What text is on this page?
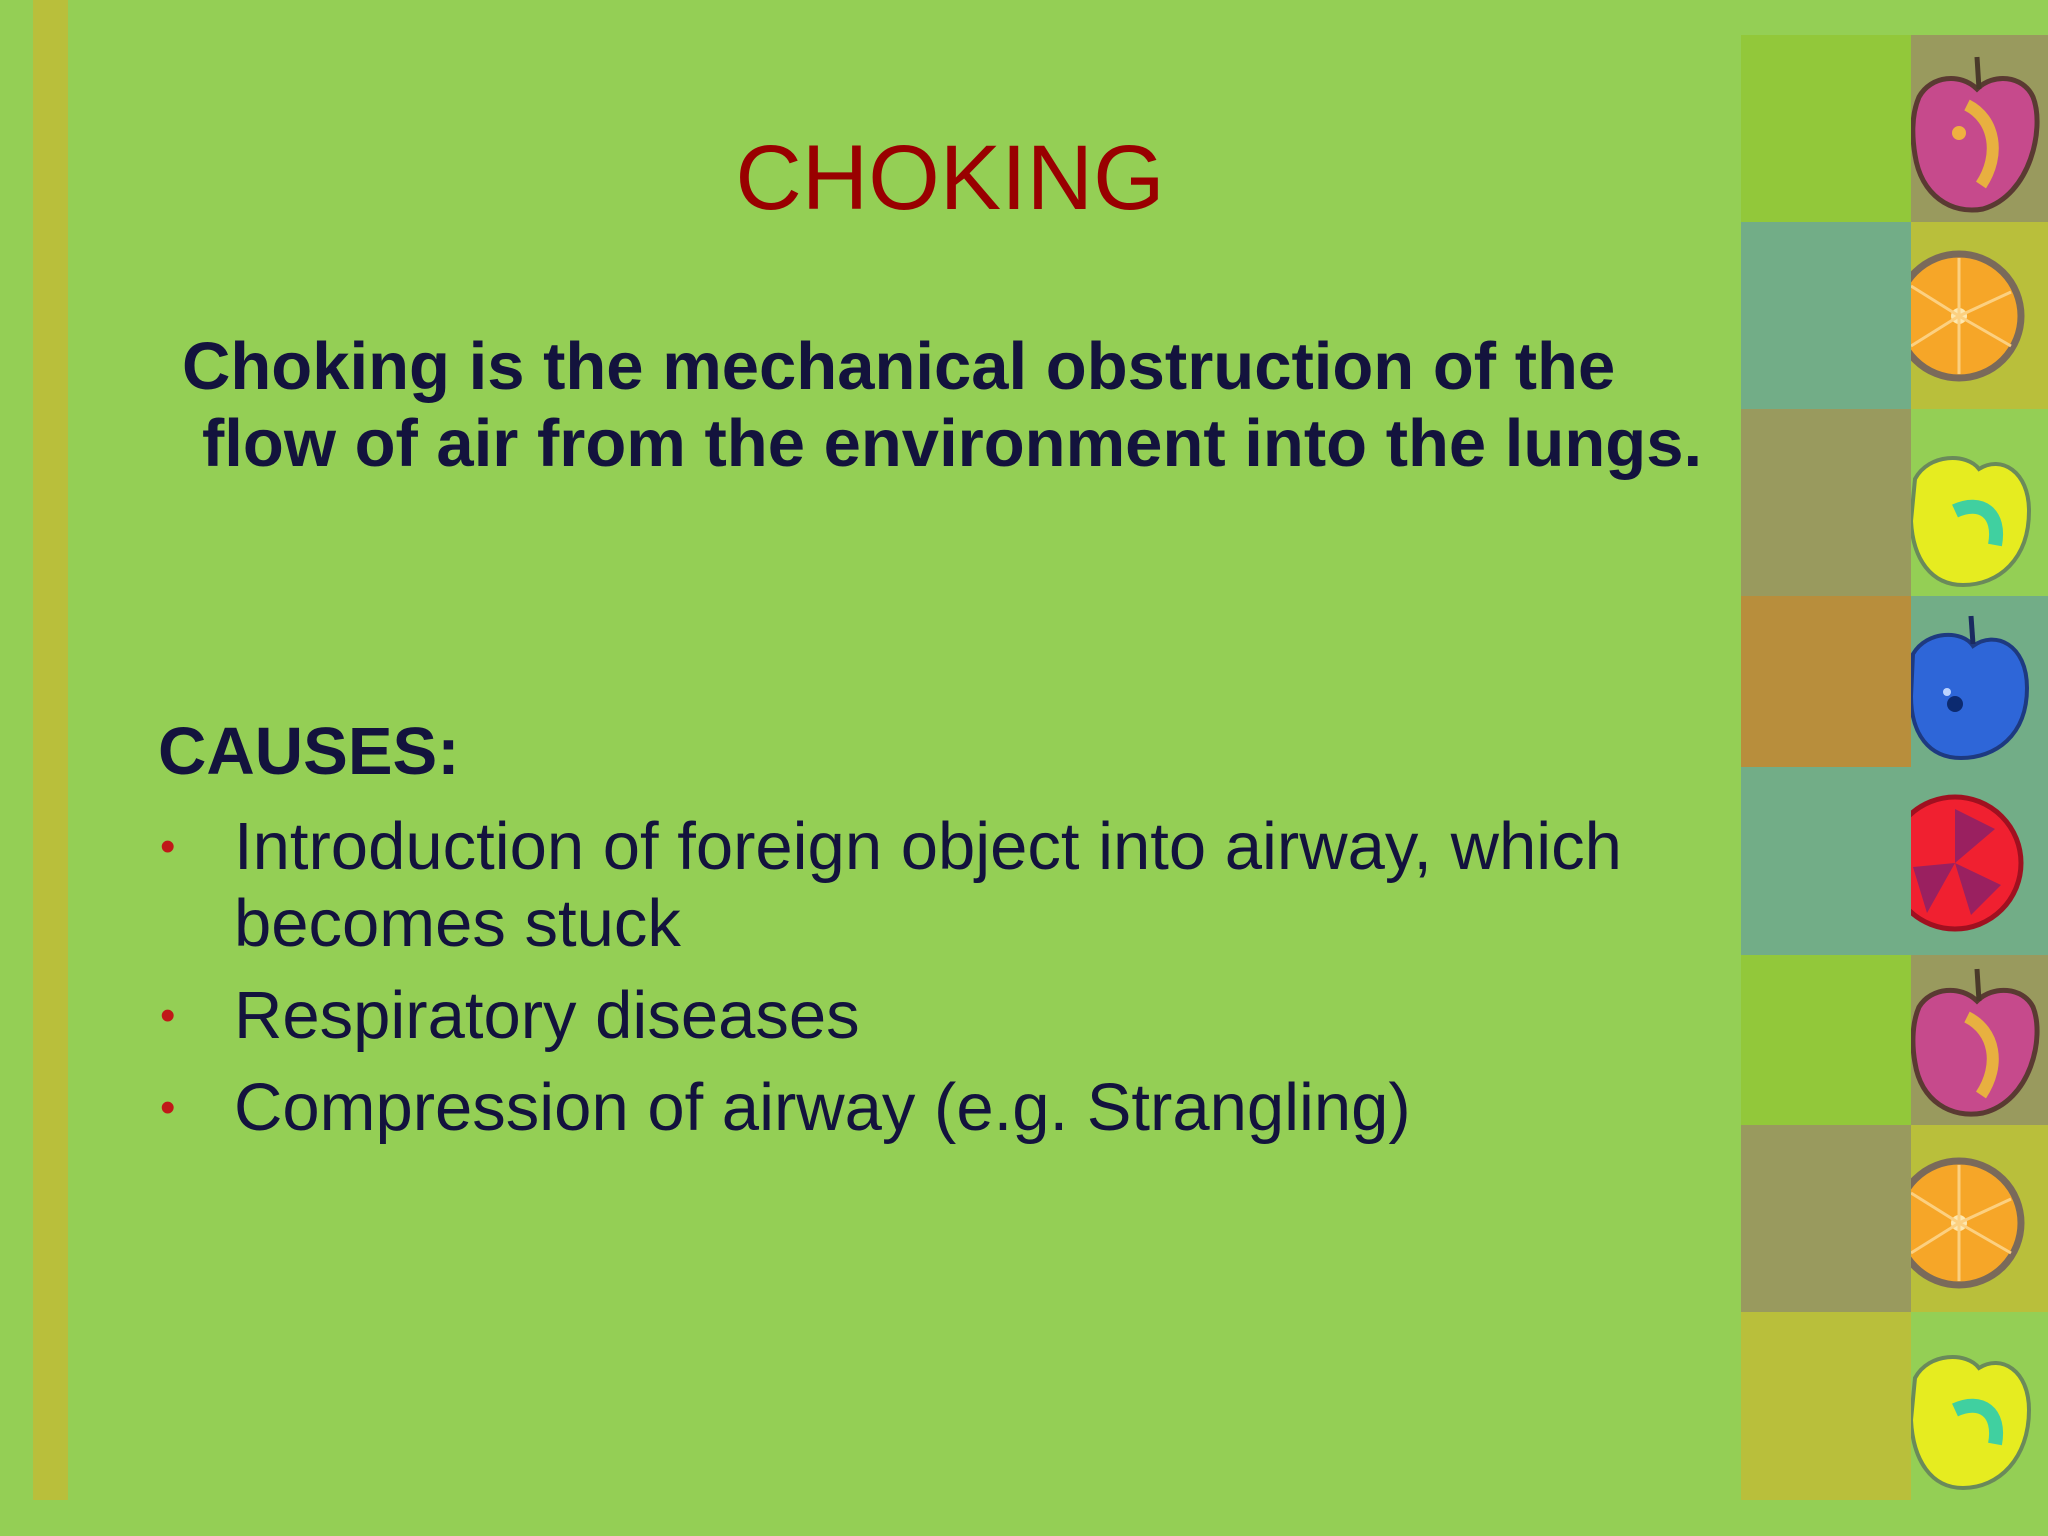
CHOKING

Choking is the mechanical obstruction of the
flow of air from the environment into the lungs.

CAUSES:

• Introduction of foreign object into airway, which
becomes stuck
• Respiratory diseases
• Compression of airway (e.g. Strangling)
